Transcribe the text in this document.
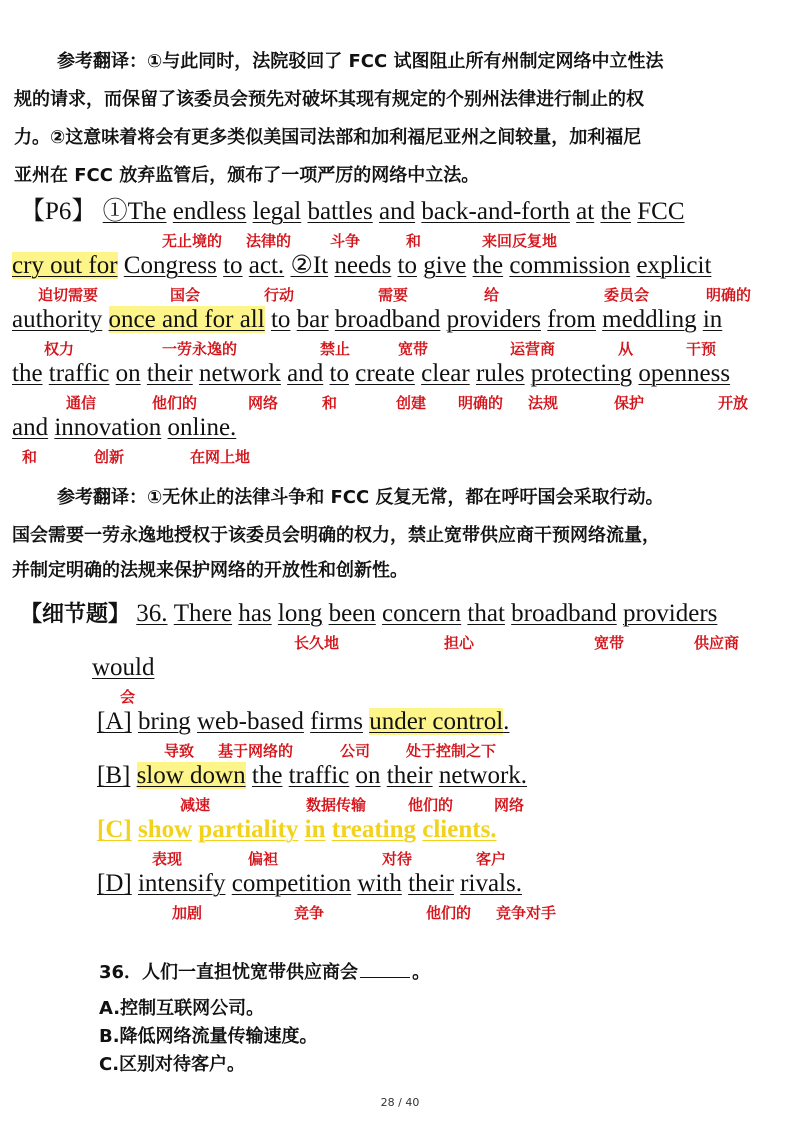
参考翻译：①与此同时，法院驳回了 FCC 试图阻止所有州制定网络中立性法
规的请求，而保留了该委员会预先对破坏其现有规定的个别州法律进行制止的权
力。②这意味着将会有更多类似美国司法部和加利福尼亚州之间较量，加利福尼
亚州在 FCC 放弃监管后，颁布了一项严厉的网络中立法。
【P6】 ①The endless legal battles and back-and-forth at the FCC
无止境的 法律的	斗争	和	来回反复地
cry out for Congress to act. ②It needs to give the commission explicit
迫切需要	国会	行动	需要	给	委员会	明确的
authority once and for all to bar broadband providers from meddling in
权力	一劳永逸的	禁止	宽带	运营商	从	干预
the traffic on their network and to create clear rules protecting openness
通信	他们的	网络	和	创建 明确的 法规	保护	开放
and innovation online.
和	创新	在网上地
参考翻译：①无休止的法律斗争和 FCC 反复无常，都在呼吁国会采取行动。
国会需要一劳永逸地授权于该委员会明确的权力，禁止宽带供应商干预网络流量，
并制定明确的法规来保护网络的开放性和创新性。
【细节题】 36. There has long been concern that broadband providers
长久地	担心	宽带	供应商
would
会
[A] bring web-based firms under control.
导致 基于网络的	公司 处于控制之下
[B] slow down the traffic on their network.
减速	数据传输	他们的	网络
[C] show partiality in treating clients.
表现	偏袒	对待	客户
[D] intensify competition with their rivals.
加剧	竞争	他们的 竞争对手
36．人们一直担忧宽带供应商会	。
A.控制互联网公司。
B.降低网络流量传输速度。
C.区别对待客户。
28 / 40
